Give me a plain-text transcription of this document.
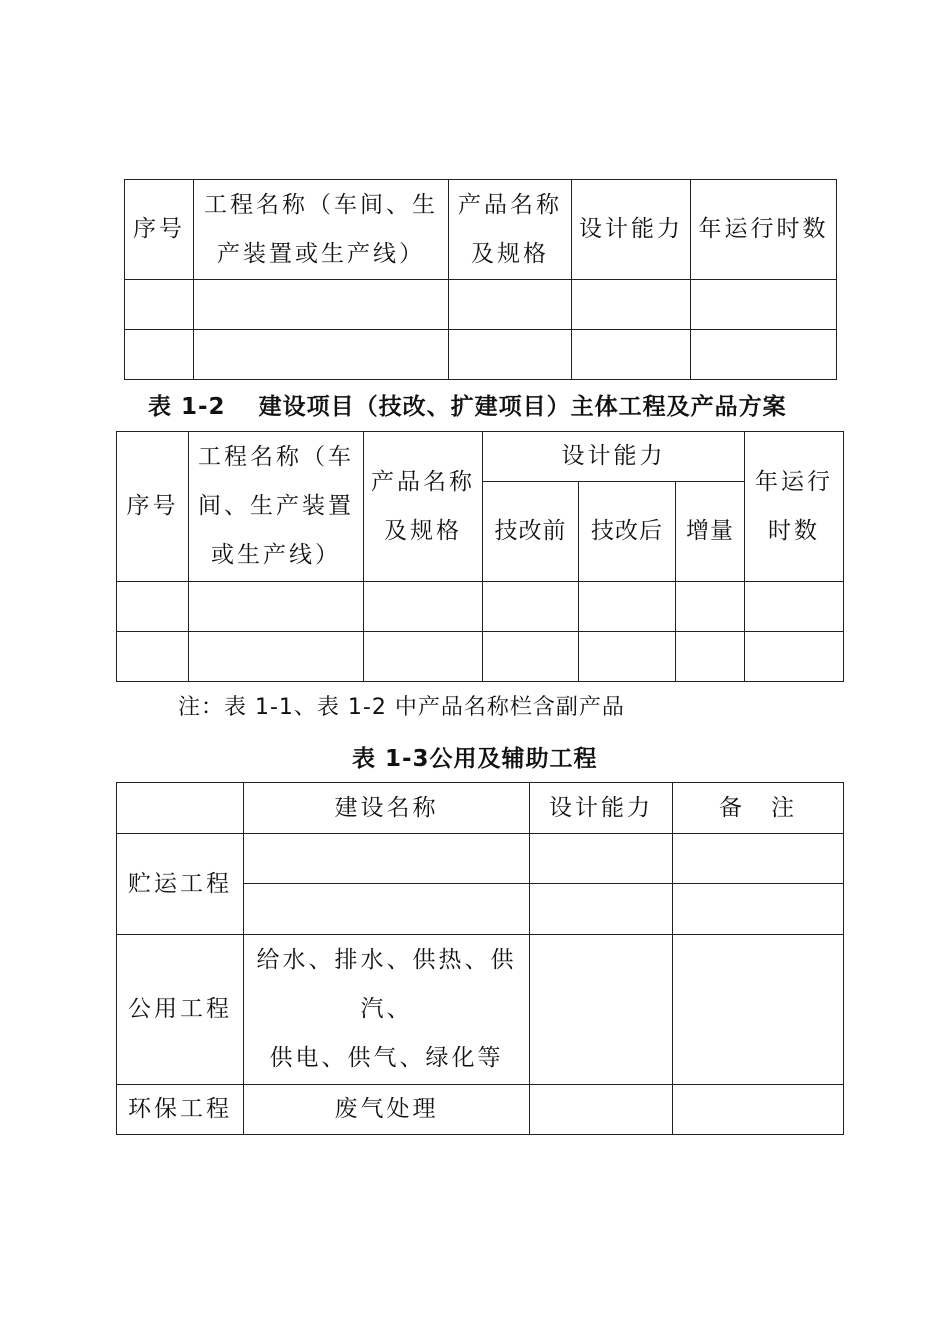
序号	工程名称（车间、生产装置或生产线）	产品名称及规格	设计能力	年运行时数

表 1-2　 建设项目（技改、扩建项目）主体工程及产品方案
序号	工程名称（车间、生产装置或生产线）	产品名称及规格	设计能力			年运行时数
			技改前	技改后	增量	

注：表 1-1、表 1-2 中产品名称栏含副产品
表 1-3公用及辅助工程
	建设名称	设计能力	备　注
贮运工程			

公用工程	给水、排水、供热、供汽、
供电、供气、绿化等		

环保工程	废气处理		
